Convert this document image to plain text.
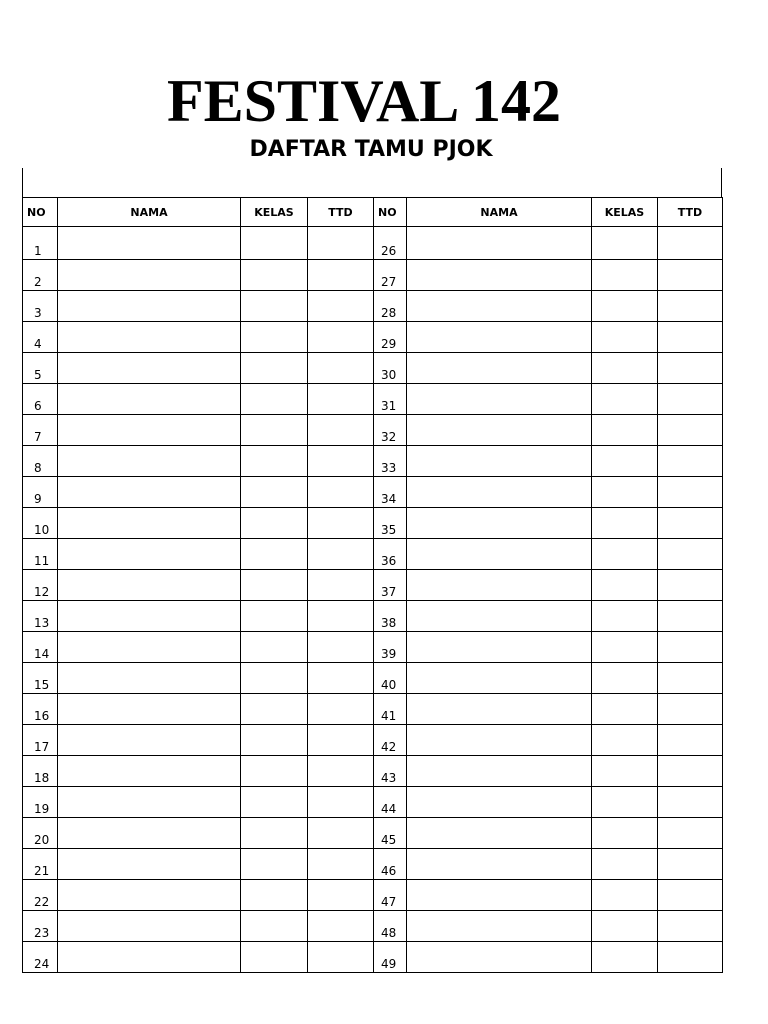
FESTIVAL 142
DAFTAR TAMU PJOK
NO	NAMA	KELAS	TTD	NO	NAMA	KELAS	TTD
1				26			
2				27			
3				28			
4				29			
5				30			
6				31			
7				32			
8				33			
9				34			
10				35			
11				36			
12				37			
13				38			
14				39			
15				40			
16				41			
17				42			
18				43			
19				44			
20				45			
21				46			
22				47			
23				48			
24				49			
